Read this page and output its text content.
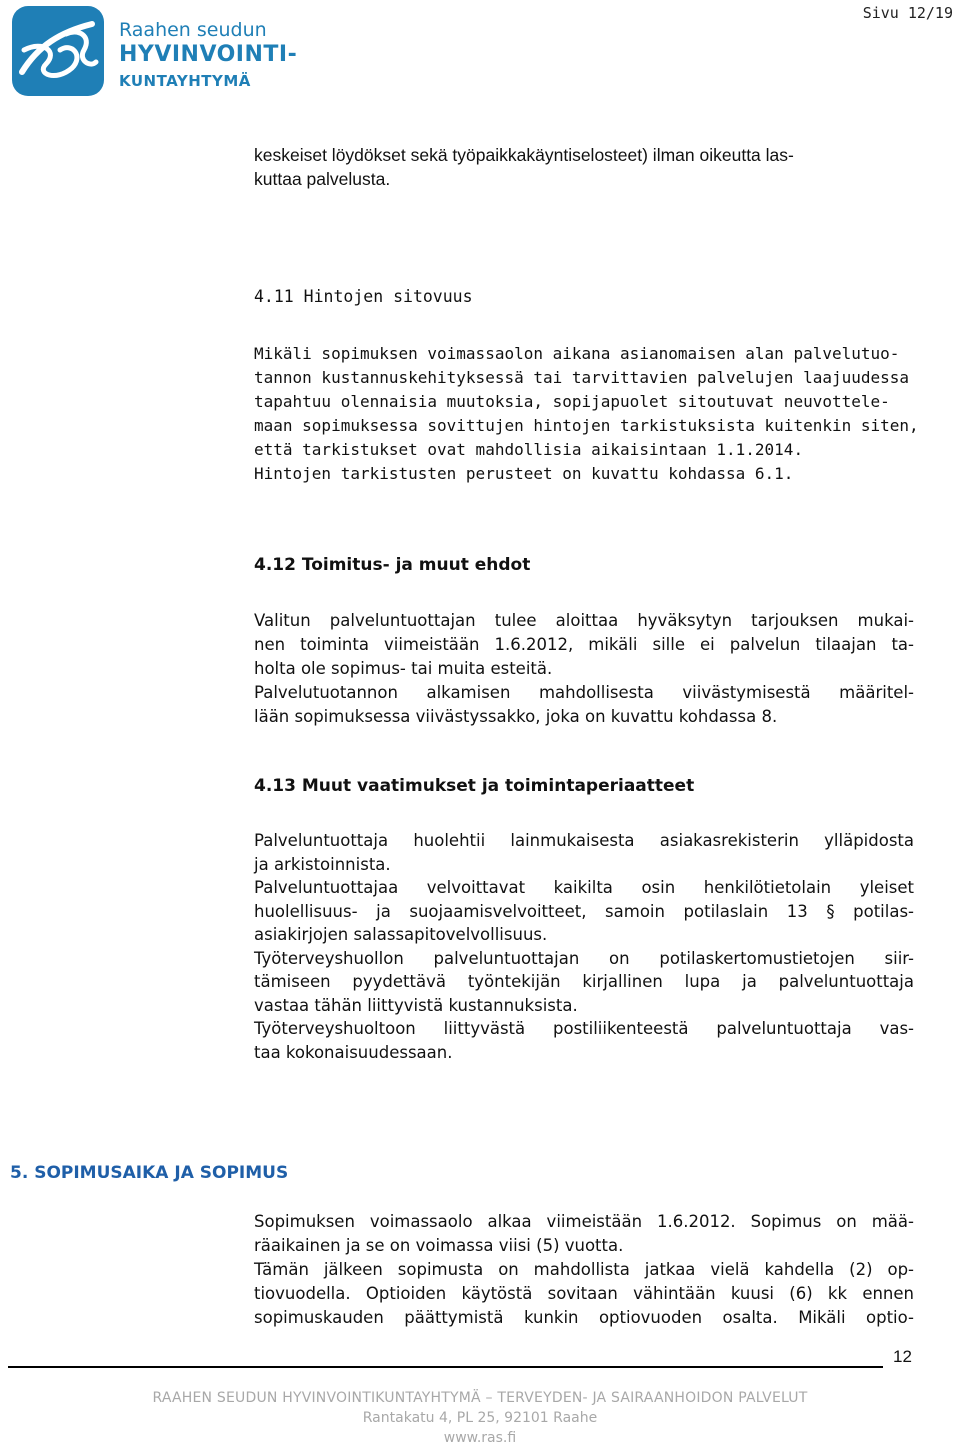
Raahen seudun
HYVINVOINTI-
KUNTAYHTYMÄ
Sivu 12/19
keskeiset löydökset sekä työpaikkakäyntiselosteet) ilman oikeutta las-
kuttaa palvelusta.
4.11 Hintojen sitovuus
Mikäli sopimuksen voimassaolon aikana asianomaisen alan palvelutuo-
tannon kustannuskehityksessä tai tarvittavien palvelujen laajuudessa
tapahtuu olennaisia muutoksia, sopijapuolet sitoutuvat neuvottele-
maan sopimuksessa sovittujen hintojen tarkistuksista kuitenkin siten,
että tarkistukset ovat mahdollisia aikaisintaan 1.1.2014.
Hintojen tarkistusten perusteet on kuvattu kohdassa 6.1.
4.12 Toimitus- ja muut ehdot
Valitun palveluntuottajan tulee aloittaa hyväksytyn tarjouksen mukai-
nen toiminta viimeistään 1.6.2012, mikäli sille ei palvelun tilaajan ta-
holta ole sopimus- tai muita esteitä.
Palvelutuotannon alkamisen mahdollisesta viivästymisestä määritel-
lään sopimuksessa viivästyssakko, joka on kuvattu kohdassa 8.
4.13 Muut vaatimukset ja toimintaperiaatteet
Palveluntuottaja huolehtii lainmukaisesta asiakasrekisterin ylläpidosta
ja arkistoinnista.
Palveluntuottajaa velvoittavat kaikilta osin henkilötietolain yleiset
huolellisuus- ja suojaamisvelvoitteet, samoin potilaslain 13 § potilas-
asiakirjojen salassapitovelvollisuus.
Työterveyshuollon palveluntuottajan on potilaskertomustietojen siir-
tämiseen pyydettävä työntekijän kirjallinen lupa ja palveluntuottaja
vastaa tähän liittyvistä kustannuksista.
Työterveyshuoltoon liittyvästä postiliikenteestä palveluntuottaja vas-
taa kokonaisuudessaan.
5. SOPIMUSAIKA JA SOPIMUS
Sopimuksen voimassaolo alkaa viimeistään 1.6.2012. Sopimus on mää-
räaikainen ja se on voimassa viisi (5) vuotta.
Tämän jälkeen sopimusta on mahdollista jatkaa vielä kahdella (2) op-
tiovuodella. Optioiden käytöstä sovitaan vähintään kuusi (6) kk ennen
sopimuskauden päättymistä kunkin optiovuoden osalta. Mikäli optio-
12
RAAHEN SEUDUN HYVINVOINTIKUNTAYHTYMÄ – TERVEYDEN- JA SAIRAANHOIDON PALVELUT
Rantakatu 4, PL 25, 92101 Raahe
www.ras.fi
